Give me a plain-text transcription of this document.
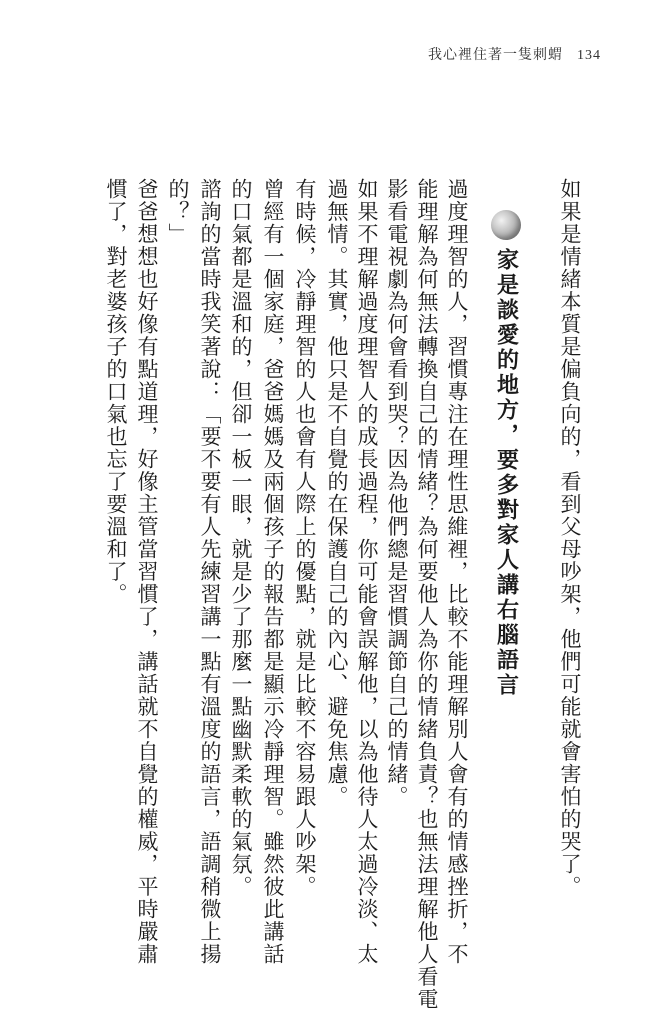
我心裡住著一隻刺蝟 134
如果是情緒本質是偏負向的，看到父母吵架，他們可能就會害怕的哭了。
家是談愛的地方，要多對家人講右腦語言
過度理智的人，習慣專注在理性思維裡，比較不能理解別人會有的情感挫折，不
能理解為何無法轉換自己的情緒？為何要他人為你的情緒負責？也無法理解他人看電
影看電視劇為何會看到哭？因為他們總是習慣調節自己的情緒。
如果不理解過度理智人的成長過程，你可能會誤解他，以為他待人太過冷淡、太
過無情。其實，他只是不自覺的在保護自己的內心、避免焦慮。
有時候，冷靜理智的人也會有人際上的優點，就是比較不容易跟人吵架。
曾經有一個家庭，爸爸媽媽及兩個孩子的報告都是顯示冷靜理智。雖然彼此講話
的口氣都是溫和的，但卻一板一眼，就是少了那麼一點幽默柔軟的氣氛。
諮詢的當時我笑著說：「要不要有人先練習講一點有溫度的語言，語調稍微上揚
的？」
爸爸想想也好像有點道理，好像主管當習慣了，講話就不自覺的權威，平時嚴肅
慣了，對老婆孩子的口氣也忘了要溫和了。
